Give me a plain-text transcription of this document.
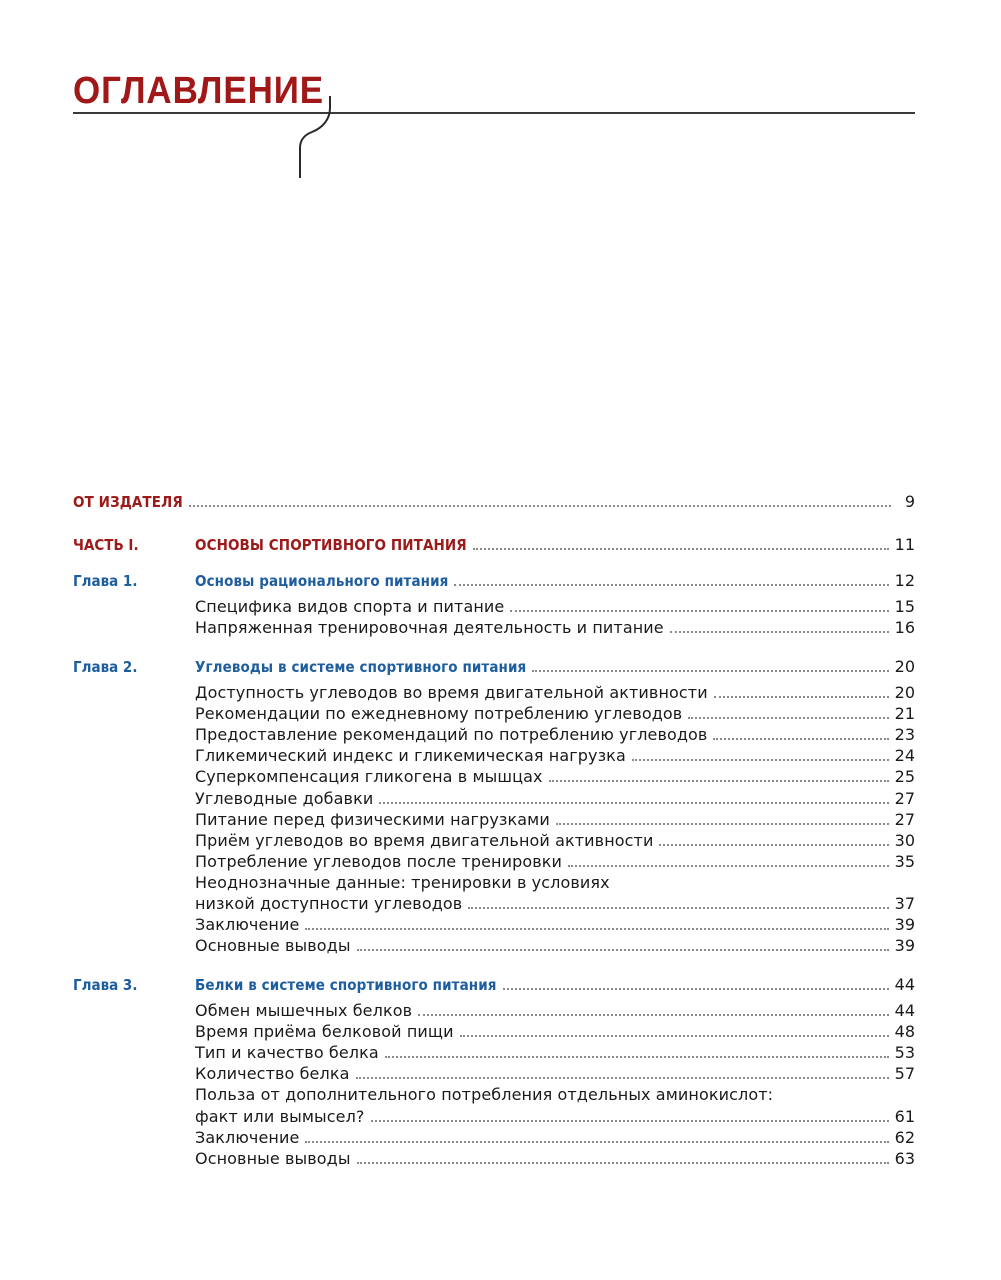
ОГЛАВЛЕНИЕ
ОТ ИЗДАТЕЛЯ	9
ЧАСТЬ I.	ОСНОВЫ СПОРТИВНОГО ПИТАНИЯ	11
Глава 1.	Основы рационального питания	12
Специфика видов спорта и питание	15
Напряженная тренировочная деятельность и питание	16
Глава 2.	Углеводы в системе спортивного питания	20
Доступность углеводов во время двигательной активности	20
Рекомендации по ежедневному потреблению углеводов	21
Предоставление рекомендаций по потреблению углеводов	23
Гликемический индекс и гликемическая нагрузка	24
Суперкомпенсация гликогена в мышцах	25
Углеводные добавки	27
Питание перед физическими нагрузками	27
Приём углеводов во время двигательной активности	30
Потребление углеводов после тренировки	35
Неоднозначные данные: тренировки в условиях
низкой доступности углеводов	37
Заключение	39
Основные выводы	39
Глава 3.	Белки в системе спортивного питания	44
Обмен мышечных белков	44
Время приёма белковой пищи	48
Тип и качество белка	53
Количество белка	57
Польза от дополнительного потребления отдельных аминокислот:
факт или вымысел?	61
Заключение	62
Основные выводы	63
